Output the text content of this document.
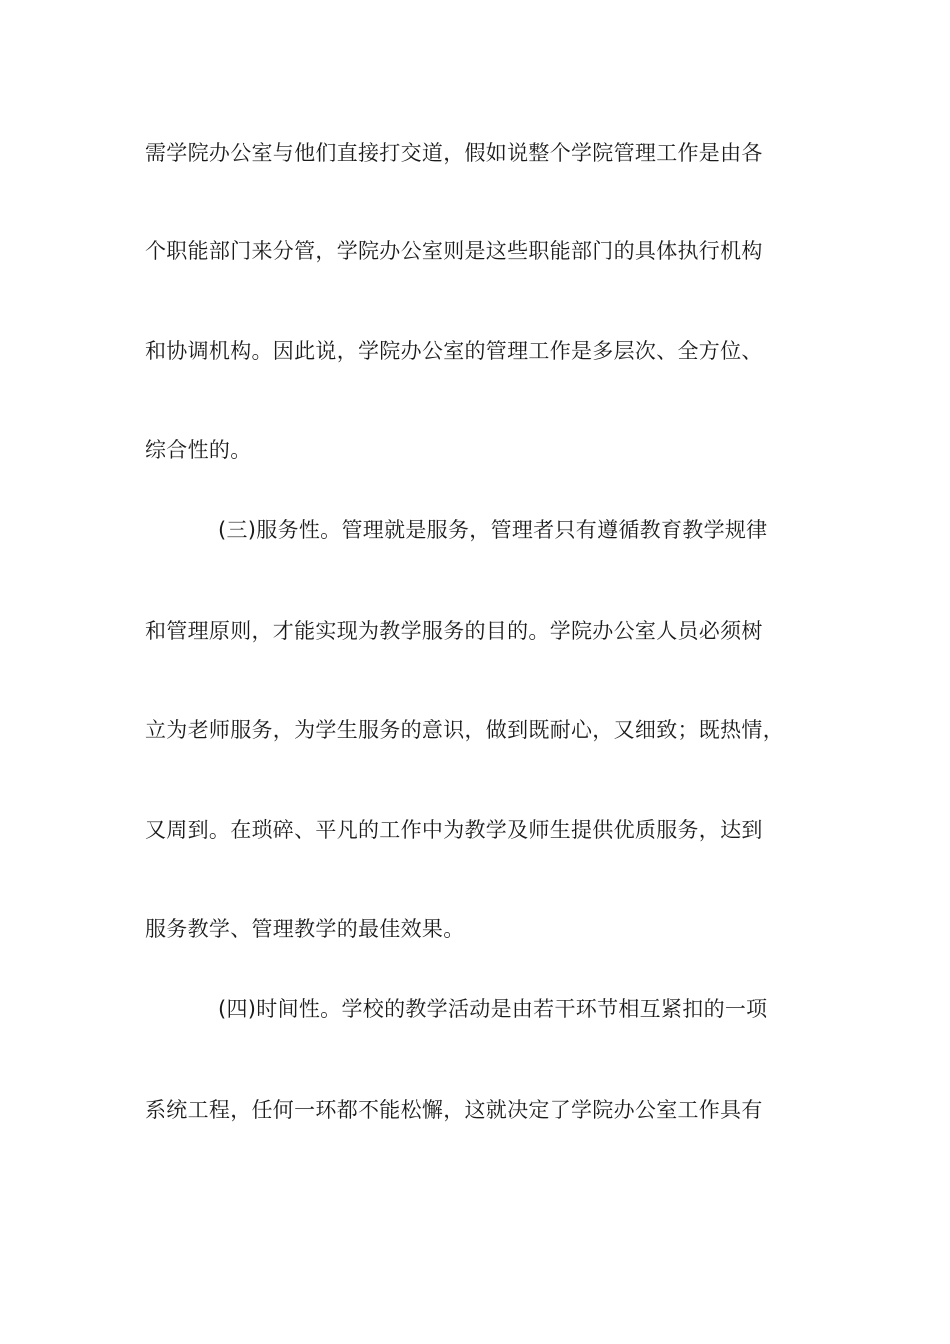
需学院办公室与他们直接打交道，假如说整个学院管理工作是由各
个职能部门来分管，学院办公室则是这些职能部门的具体执行机构
和协调机构。因此说，学院办公室的管理工作是多层次、全方位、
综合性的。
(三)服务性。管理就是服务，管理者只有遵循教育教学规律
和管理原则，才能实现为教学服务的目的。学院办公室人员必须树
立为老师服务，为学生服务的意识，做到既耐心，又细致；既热情，
又周到。在琐碎、平凡的工作中为教学及师生提供优质服务，达到
服务教学、管理教学的最佳效果。
(四)时间性。学校的教学活动是由若干环节相互紧扣的一项
系统工程，任何一环都不能松懈，这就决定了学院办公室工作具有
